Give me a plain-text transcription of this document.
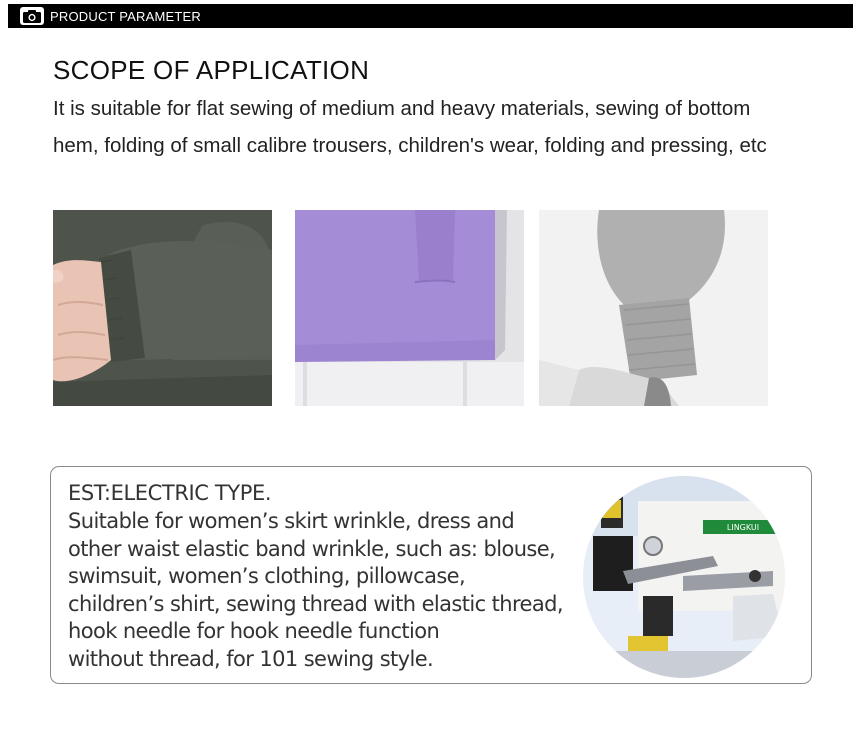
PRODUCT PARAMETER
SCOPE OF APPLICATION

It is suitable for flat sewing of medium and heavy materials, sewing of bottom hem, folding of small calibre trousers, children's wear, folding and pressing, etc

EST:ELECTRIC TYPE.

Suitable for women’s skirt wrinkle, dress and
other waist elastic band wrinkle, such as: blouse,
swimsuit, women’s clothing, pillowcase,
children’s shirt, sewing thread with elastic thread,
hook needle for hook needle function
without thread, for 101 sewing style.

LINGKUI
